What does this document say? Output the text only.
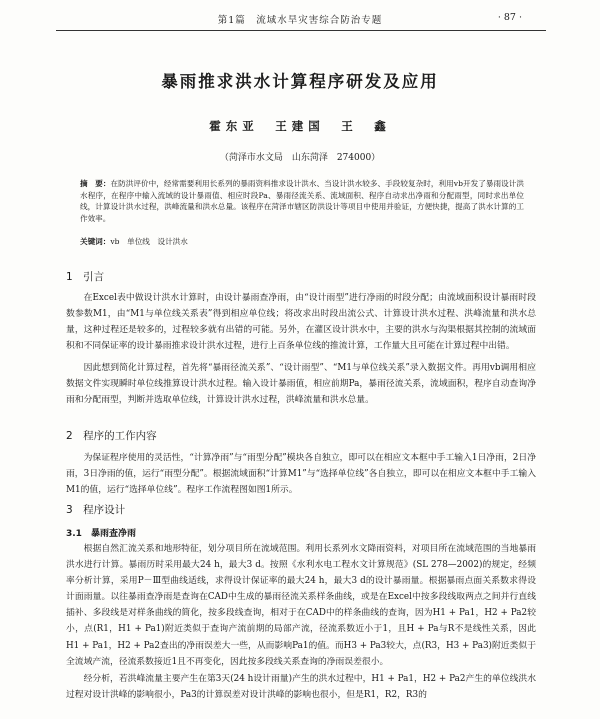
第1篇　流域水旱灾害综合防治专题	· 87 ·
暴雨推求洪水计算程序研发及应用
霍东亚　王建国　王　鑫
（菏泽市水文局　山东菏泽　274000）
摘　要：在防洪评价中，经常需要利用长系列的暴雨资料推求设计洪水、当设计洪水较多、手段较复杂时，利用vb开发了暴雨设计洪水程序，在程序中输入流域的设计暴雨值、相应时段Pa、暴雨径流关系、流域面积、程序自动求出净雨和分配雨型，同时求出单位线，计算设计洪水过程，洪峰流量和洪水总量。该程序在菏泽市辖区防洪设计等项目中使用并验证，方便快捷，提高了洪水计算的工作效率。
关键词：vb　单位线　设计洪水
1　引言
在Excel表中做设计洪水计算时，由设计暴雨查净雨，由“设计雨型”进行净雨的时段分配；由流域面积设计暴雨时段数参数M1，由“M1与单位线关系表”得到相应单位线；将改求出时段出流公式、计算设计洪水过程、洪峰流量和洪水总量，这种过程还是较多的，过程较多就有出错的可能。另外，在灌区设计洪水中，主要的洪水与沟渠根据其控制的流域面积和不同保证率的设计暴雨推求设计洪水过程，进行上百条单位线的推流计算，工作量大且可能在计算过程中出错。
因此想到简化计算过程，首先将“暴雨径流关系”、“设计雨型”、“M1与单位线关系”录入数据文件。再用vb调用相应数据文件实现瞬时单位线推算设计洪水过程。输入设计暴雨值，相应前期Pa，暴雨径流关系，流域面积，程序自动查询净雨和分配雨型，判断并选取单位线，计算设计洪水过程，洪峰流量和洪水总量。
2　程序的工作内容
为保证程序使用的灵活性，“计算净雨”与“雨型分配”模块各自独立，即可以在相应文本框中手工输入1日净雨，2日净雨，3日净雨的值，运行“雨型分配”。根据流域面积“计算M1”与“选择单位线”各自独立，即可以在相应文本框中手工输入M1的值，运行“选择单位线”。程序工作流程图如图1所示。
3　程序设计
3.1　暴雨查净雨
根据自然汇流关系和地形特征，划分项目所在流域范围。利用长系列水文降雨资料，对项目所在流域范围的当地暴雨洪水进行计算。暴雨历时采用最大24 h，最大3 d。按照《水利水电工程水文计算规范》(SL 278—2002)的规定，经频率分析计算，采用P－Ⅲ型曲线适线，求得设计保证率的最大24 h，最大3 d的设计暴雨量。根据暴雨点面关系数求得设计面雨量。以往暴雨查净雨是查询在CAD中生成的暴雨径流关系样条曲线，或是在Excel中按多段线取两点之间并行直线插补、多段线是对样条曲线的简化，按多段线查询，相对于在CAD中的样条曲线的查询，因为H1 + Pa1，H2 + Pa2较小，点(R1，H1 + Pa1)附近类似于查询产流前期的局部产流，径流系数近小于1，且H + Pa与R不是线性关系，因此H1 + Pa1，H2 + Pa2查出的净雨误差大一些，从而影响Pa1的值。而H3 + Pa3较大，点(R3，H3 + Pa3)附近类似于全流域产流，径流系数接近1且不再变化，因此按多段线关系查询的净雨误差很小。
经分析，若洪峰流量主要产生在第3天(24 h设计雨量)产生的洪水过程中，H1 + Pa1，H2 + Pa2产生的单位线洪水过程对设计洪峰的影响很小，Pa3的计算误差对设计洪峰的影响也很小，但是R1，R2，R3的
